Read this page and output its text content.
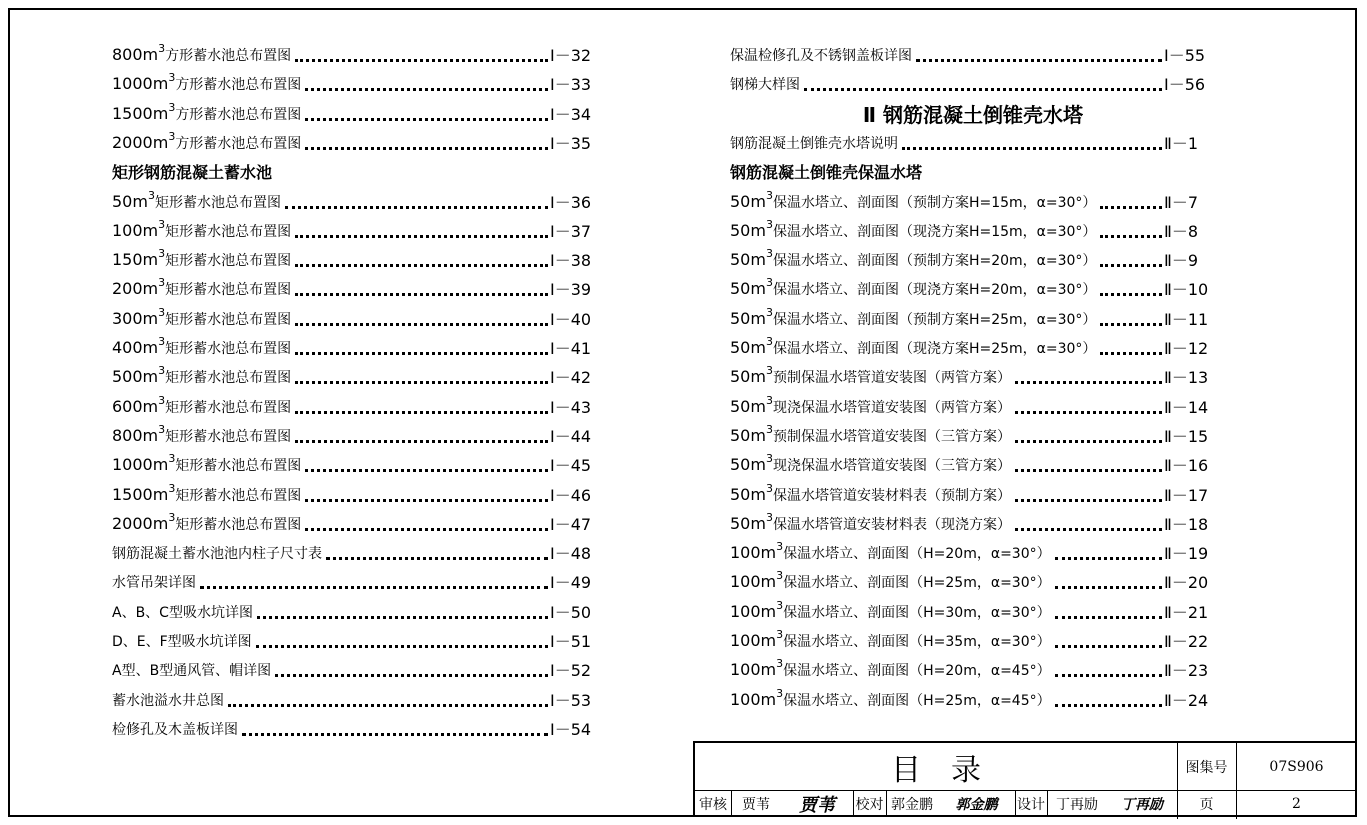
$800m^3$方形蓄水池总布置图	Ⅰ－32
$1000m^3$方形蓄水池总布置图	Ⅰ－33
$1500m^3$方形蓄水池总布置图	Ⅰ－34
$2000m^3$方形蓄水池总布置图	Ⅰ－35
矩形钢筋混凝土蓄水池
$50m^3$矩形蓄水池总布置图	Ⅰ－36
$100m^3$矩形蓄水池总布置图	Ⅰ－37
$150m^3$矩形蓄水池总布置图	Ⅰ－38
$200m^3$矩形蓄水池总布置图	Ⅰ－39
$300m^3$矩形蓄水池总布置图	Ⅰ－40
$400m^3$矩形蓄水池总布置图	Ⅰ－41
$500m^3$矩形蓄水池总布置图	Ⅰ－42
$600m^3$矩形蓄水池总布置图	Ⅰ－43
$800m^3$矩形蓄水池总布置图	Ⅰ－44
$1000m^3$矩形蓄水池总布置图	Ⅰ－45
$1500m^3$矩形蓄水池总布置图	Ⅰ－46
$2000m^3$矩形蓄水池总布置图	Ⅰ－47
钢筋混凝土蓄水池池内柱子尺寸表	Ⅰ－48
水管吊架详图	Ⅰ－49
A、B、C型吸水坑详图	Ⅰ－50
D、E、F型吸水坑详图	Ⅰ－51
A型、B型通风管、帽详图	Ⅰ－52
蓄水池溢水井总图	Ⅰ－53
检修孔及木盖板详图	Ⅰ－54
保温检修孔及不锈钢盖板详图	Ⅰ－55
钢梯大样图	Ⅰ－56
Ⅱ 钢筋混凝土倒锥壳水塔
钢筋混凝土倒锥壳水塔说明	Ⅱ－1
钢筋混凝土倒锥壳保温水塔
$50m^3$保温水塔立、剖面图（预制方案H=15m，α=30°）	Ⅱ－7
$50m^3$保温水塔立、剖面图（现浇方案H=15m，α=30°）	Ⅱ－8
$50m^3$保温水塔立、剖面图（预制方案H=20m，α=30°）	Ⅱ－9
$50m^3$保温水塔立、剖面图（现浇方案H=20m，α=30°）	Ⅱ－10
$50m^3$保温水塔立、剖面图（预制方案H=25m，α=30°）	Ⅱ－11
$50m^3$保温水塔立、剖面图（现浇方案H=25m，α=30°）	Ⅱ－12
$50m^3$预制保温水塔管道安装图（两管方案）	Ⅱ－13
$50m^3$现浇保温水塔管道安装图（两管方案）	Ⅱ－14
$50m^3$预制保温水塔管道安装图（三管方案）	Ⅱ－15
$50m^3$现浇保温水塔管道安装图（三管方案）	Ⅱ－16
$50m^3$保温水塔管道安装材料表（预制方案）	Ⅱ－17
$50m^3$保温水塔管道安装材料表（现浇方案）	Ⅱ－18
$100m^3$保温水塔立、剖面图（H=20m，α=30°）	Ⅱ－19
$100m^3$保温水塔立、剖面图（H=25m，α=30°）	Ⅱ－20
$100m^3$保温水塔立、剖面图（H=30m，α=30°）	Ⅱ－21
$100m^3$保温水塔立、剖面图（H=35m，α=30°）	Ⅱ－22
$100m^3$保温水塔立、剖面图（H=20m，α=45°）	Ⅱ－23
$100m^3$保温水塔立、剖面图（H=25m，α=45°）	Ⅱ－24
目录	图集号	07S906
审核	贾苇	贾苇	校对 郭金鹏	郭金鹏	设计 丁再励	丁再励	页	2
